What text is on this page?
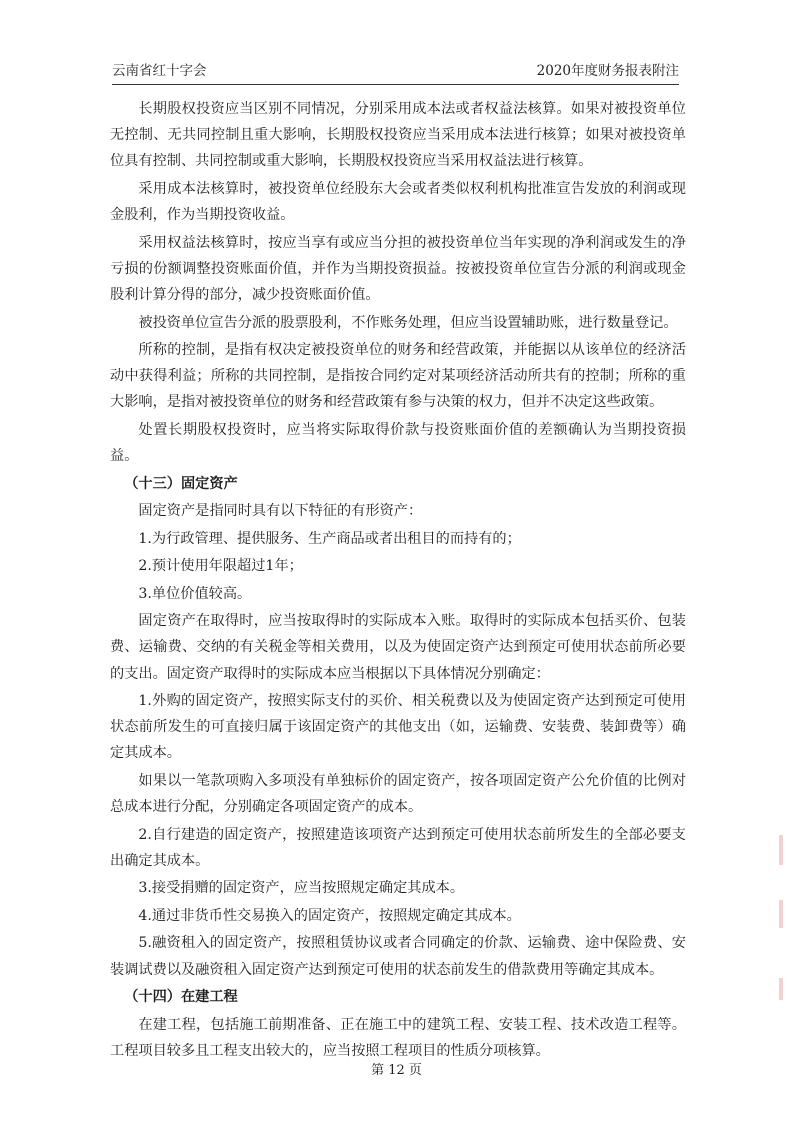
云南省红十字会	2020年度财务报表附注

长期股权投资应当区别不同情况，分别采用成本法或者权益法核算。如果对被投资单位无控制、无共同控制且重大影响，长期股权投资应当采用成本法进行核算；如果对被投资单位具有控制、共同控制或重大影响，长期股权投资应当采用权益法进行核算。

采用成本法核算时，被投资单位经股东大会或者类似权利机构批准宣告发放的利润或现金股利，作为当期投资收益。

采用权益法核算时，按应当享有或应当分担的被投资单位当年实现的净利润或发生的净亏损的份额调整投资账面价值，并作为当期投资损益。按被投资单位宣告分派的利润或现金股利计算分得的部分，减少投资账面价值。

被投资单位宣告分派的股票股利，不作账务处理，但应当设置辅助账，进行数量登记。

所称的控制，是指有权决定被投资单位的财务和经营政策，并能据以从该单位的经济活动中获得利益；所称的共同控制，是指按合同约定对某项经济活动所共有的控制；所称的重大影响，是指对被投资单位的财务和经营政策有参与决策的权力，但并不决定这些政策。

处置长期股权投资时，应当将实际取得价款与投资账面价值的差额确认为当期投资损益。

（十三）固定资产

固定资产是指同时具有以下特征的有形资产：

1.为行政管理、提供服务、生产商品或者出租目的而持有的；

2.预计使用年限超过1年；

3.单位价值较高。

固定资产在取得时，应当按取得时的实际成本入账。取得时的实际成本包括买价、包装费、运输费、交纳的有关税金等相关费用，以及为使固定资产达到预定可使用状态前所必要的支出。固定资产取得时的实际成本应当根据以下具体情况分别确定：

1.外购的固定资产，按照实际支付的买价、相关税费以及为使固定资产达到预定可使用状态前所发生的可直接归属于该固定资产的其他支出（如，运输费、安装费、装卸费等）确定其成本。

如果以一笔款项购入多项没有单独标价的固定资产，按各项固定资产公允价值的比例对总成本进行分配，分别确定各项固定资产的成本。

2.自行建造的固定资产，按照建造该项资产达到预定可使用状态前所发生的全部必要支出确定其成本。

3.接受捐赠的固定资产，应当按照规定确定其成本。

4.通过非货币性交易换入的固定资产，按照规定确定其成本。

5.融资租入的固定资产，按照租赁协议或者合同确定的价款、运输费、途中保险费、安装调试费以及融资租入固定资产达到预定可使用的状态前发生的借款费用等确定其成本。

（十四）在建工程

在建工程，包括施工前期准备、正在施工中的建筑工程、安装工程、技术改造工程等。工程项目较多且工程支出较大的，应当按照工程项目的性质分项核算。

第 12 页
